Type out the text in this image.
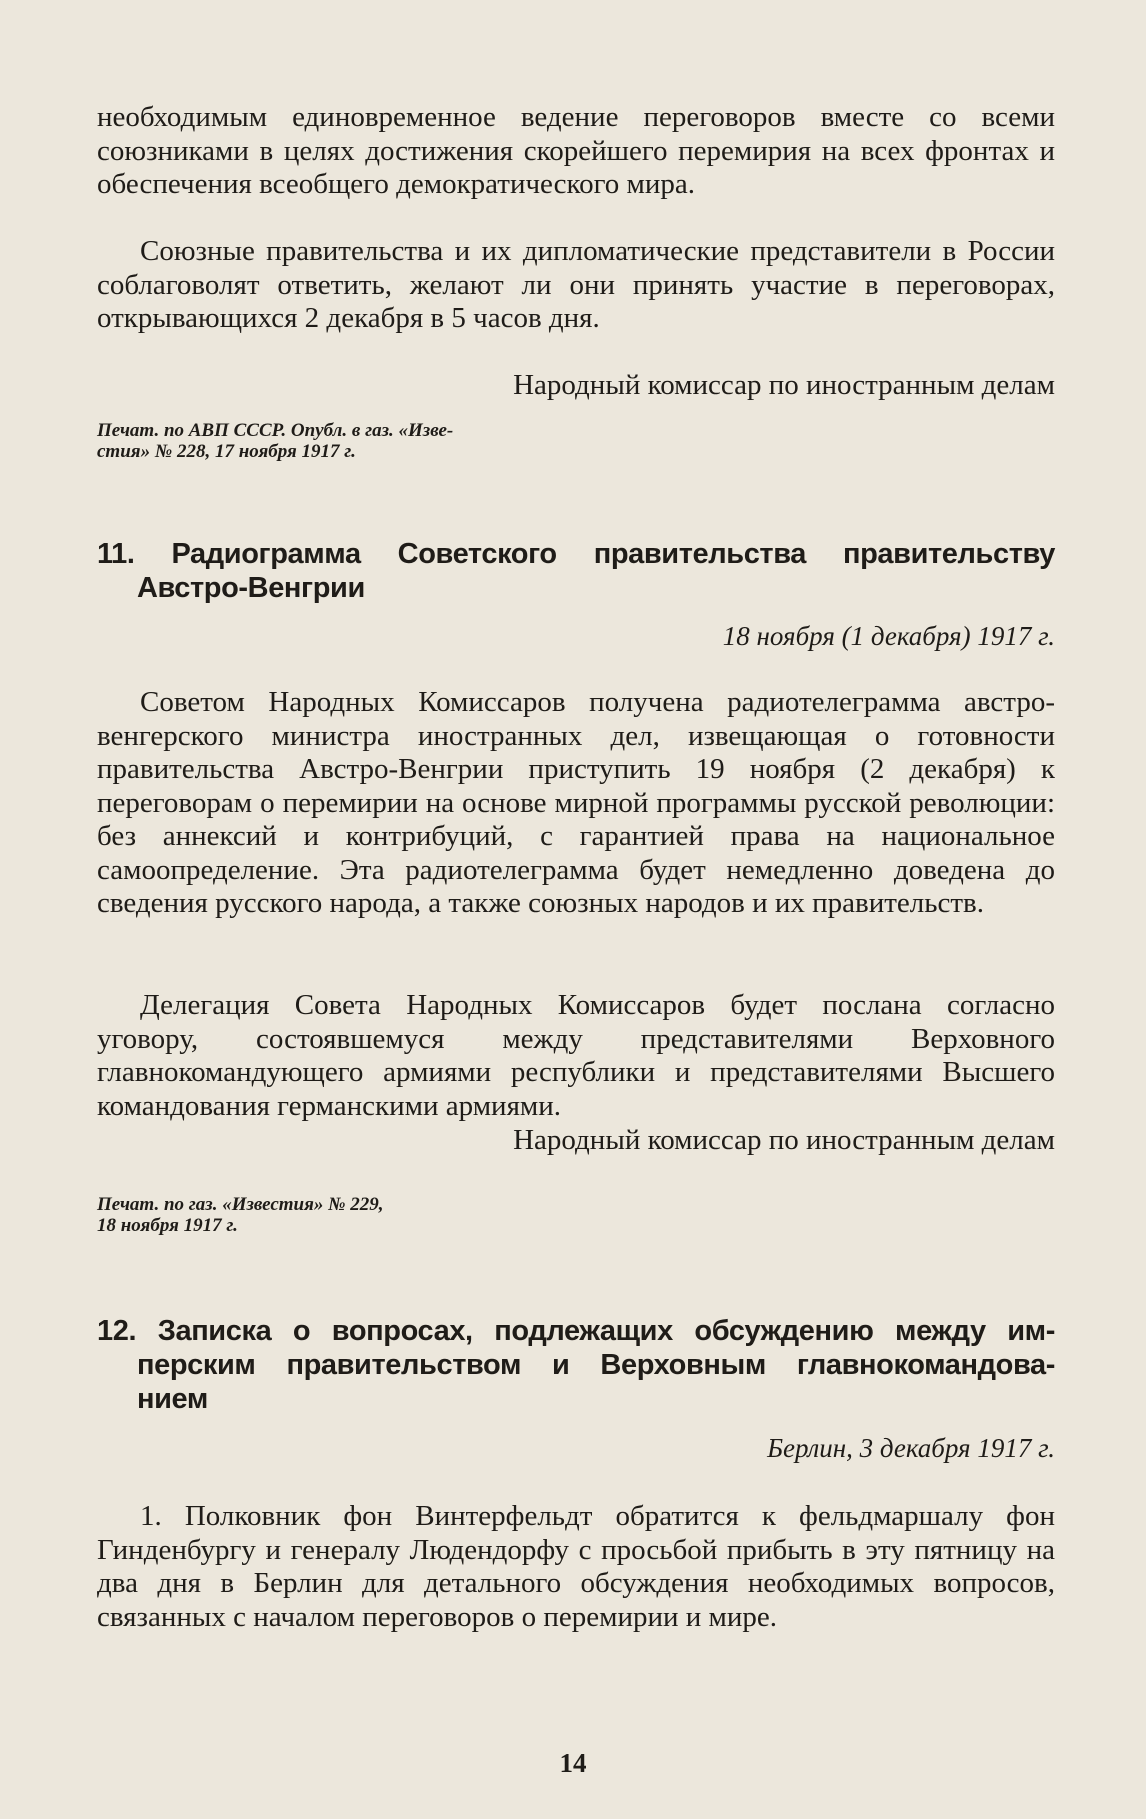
необходимым единовременное ведение переговоров вместе со всеми союзниками в целях достижения скорейшего перемирия на всех фронтах и обеспечения всеобщего демократического мира.

Союзные правительства и их дипломатические представители в России соблаговолят ответить, желают ли они принять участие в переговорах, открывающихся 2 декабря в 5 часов дня.

Народный комиссар по иностранным делам

Печат. по АВП СССР. Опубл. в газ. «Изве-
стия» № 228, 17 ноября 1917 г.
11. Радиограмма Советского правительства правительству
Австро-Венгрии

18 ноября (1 декабря) 1917 г.

Советом Народных Комиссаров получена радиотелеграмма австро-венгерского министра иностранных дел, извещающая о готовности правительства Австро-Венгрии приступить 19 ноября (2 декабря) к переговорам о перемирии на основе мирной программы русской революции: без аннексий и контрибуций, с гарантией права на национальное самоопределение. Эта радиотелеграмма будет немедленно доведена до сведения русского народа, а также союзных народов и их правительств.

Делегация Совета Народных Комиссаров будет послана согласно уговору, состоявшемуся между представителями Верховного главнокомандующего армиями республики и представителями Высшего командования германскими армиями.

Народный комиссар по иностранным делам

Печат. по газ. «Известия» № 229,
18 ноября 1917 г.
12. Записка о вопросах, подлежащих обсуждению между им-
перским правительством и Верховным главнокомандова-
нием

Берлин, 3 декабря 1917 г.

1. Полковник фон Винтерфельдт обратится к фельдмаршалу фон Гинденбургу и генералу Людендорфу с просьбой прибыть в эту пятницу на два дня в Берлин для детального обсуждения необходимых вопросов, связанных с началом переговоров о перемирии и мире.

14
